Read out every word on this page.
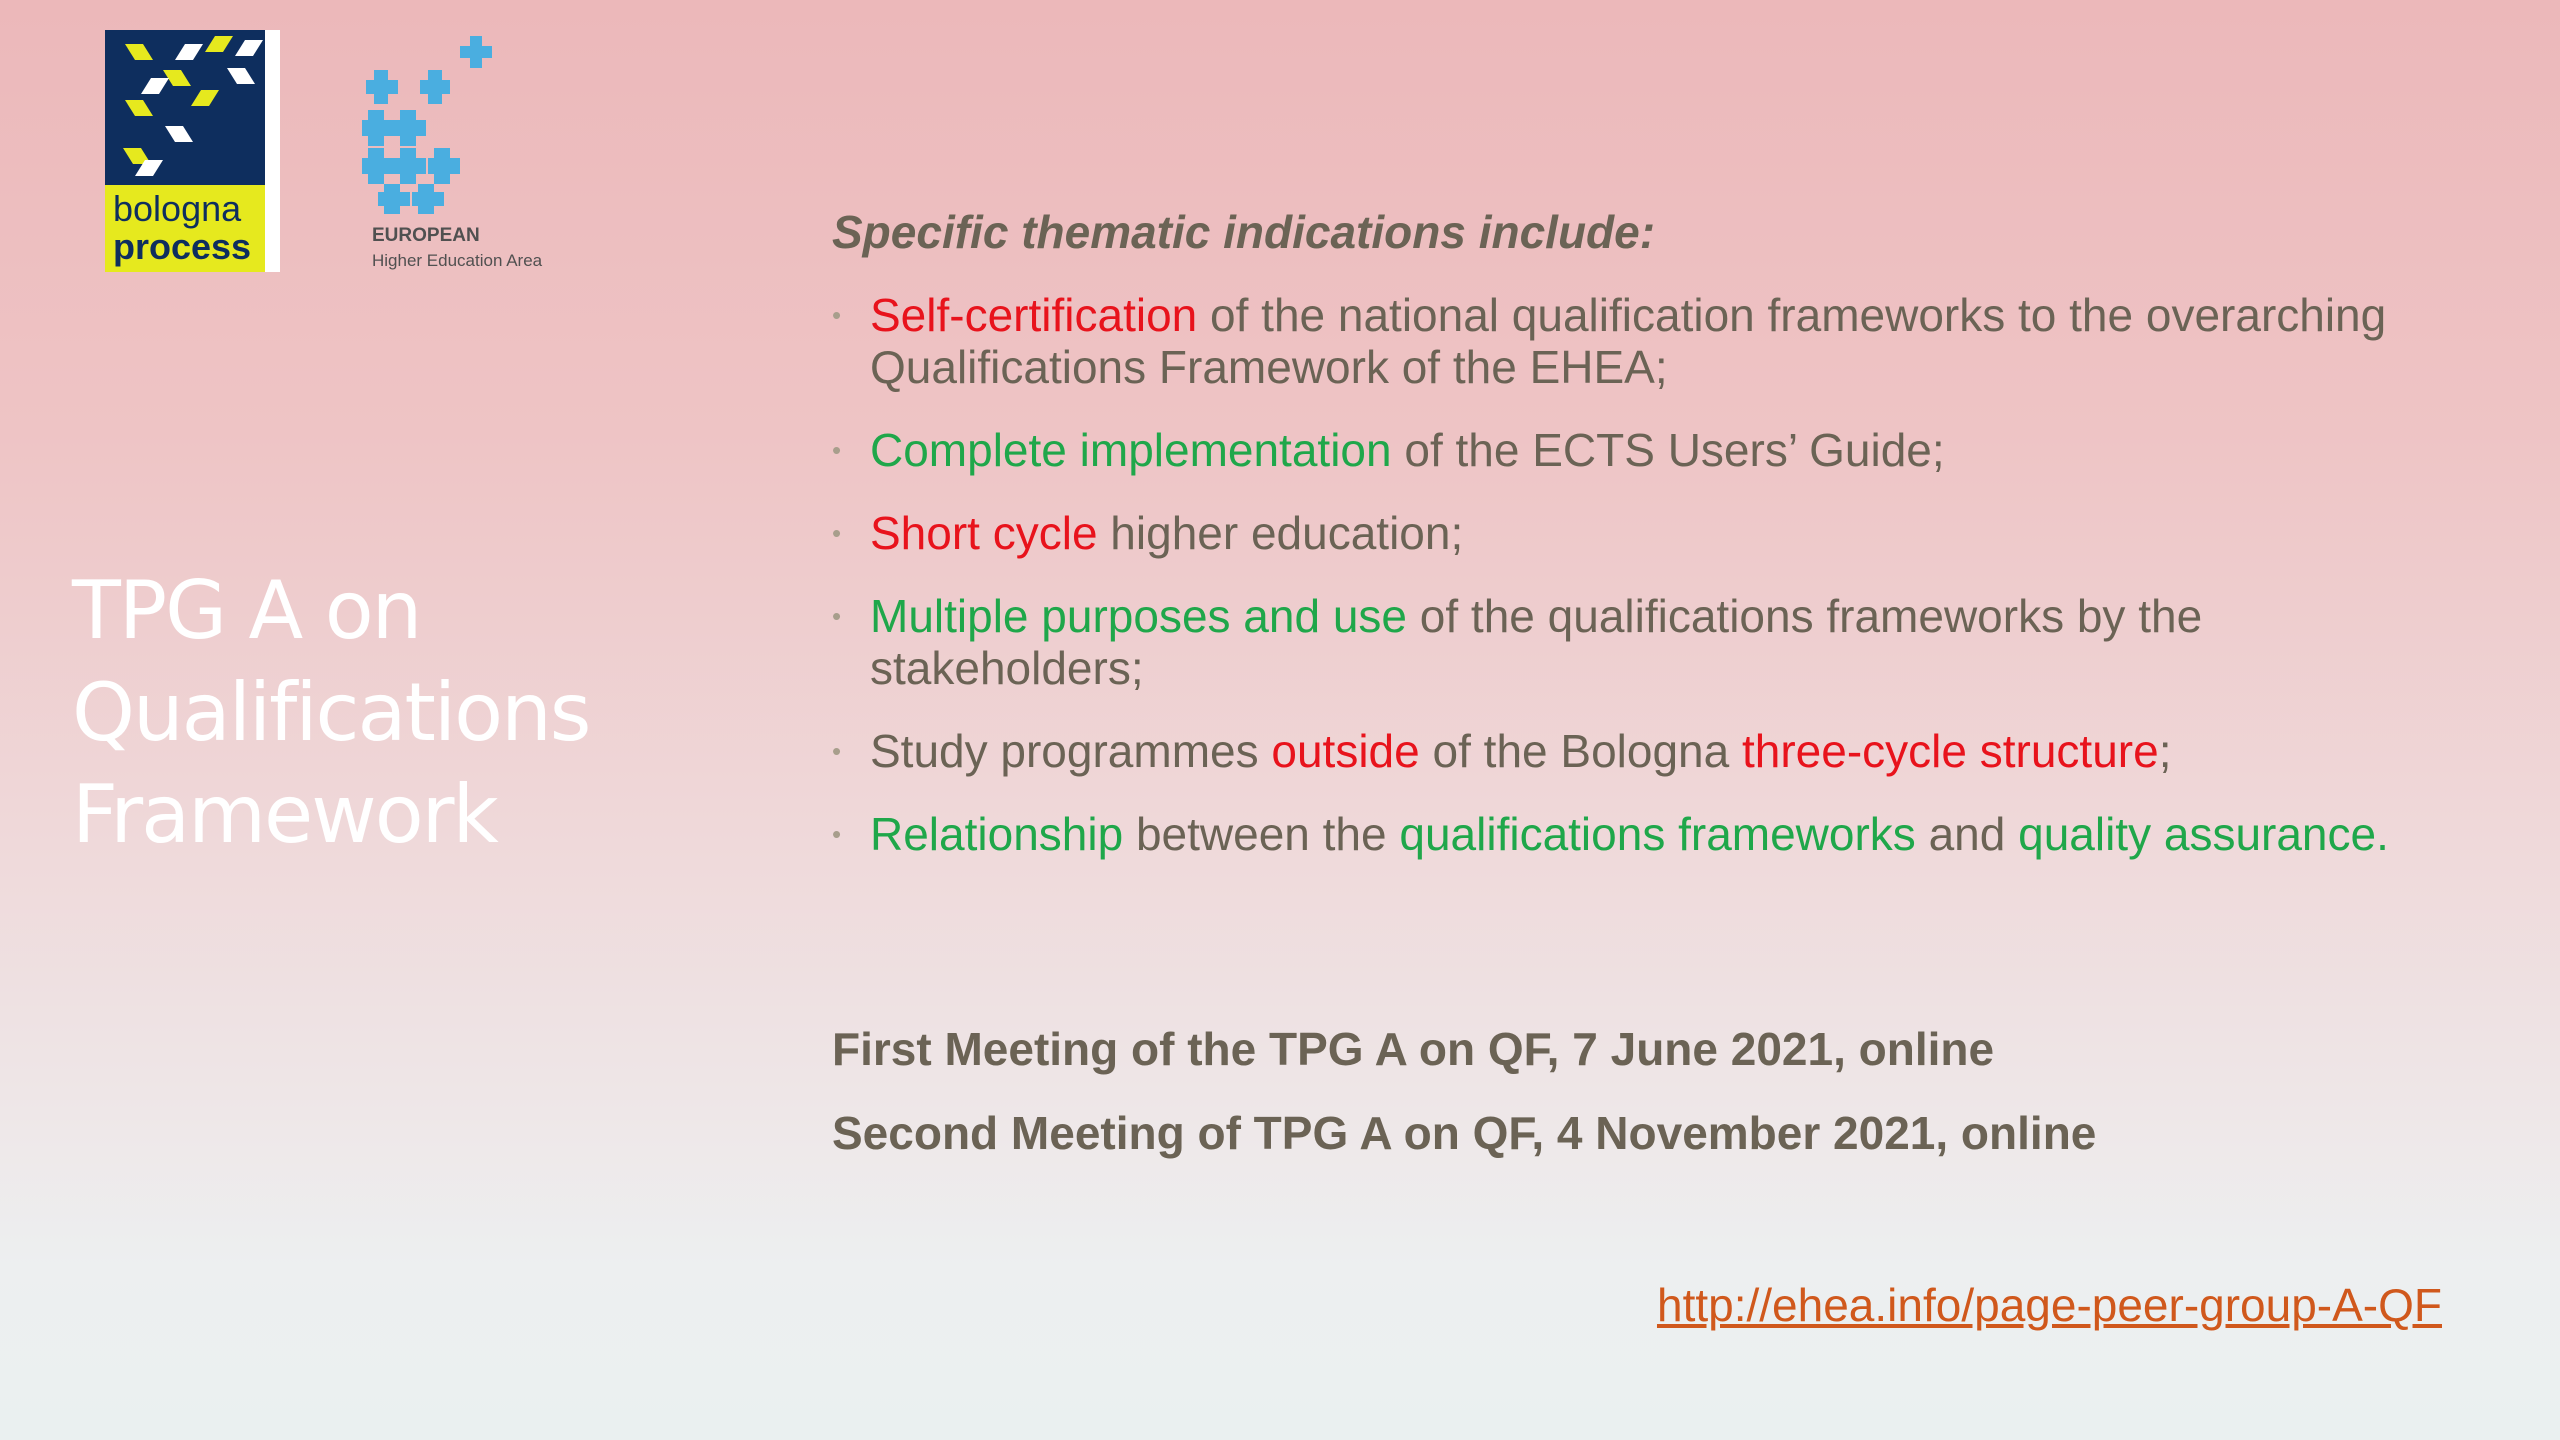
bologna
process	EUROPEAN
Higher Education Area
TPG A on
Qualifications
Framework

Specific thematic indications include:

• Self-certification of the national qualification frameworks to the overarching Qualifications Framework of the EHEA;
• Complete implementation of the ECTS Users’ Guide;
• Short cycle higher education;
• Multiple purposes and use of the qualifications frameworks by the stakeholders;
• Study programmes outside of the Bologna three-cycle structure;
• Relationship between the qualifications frameworks and quality assurance.

First Meeting of the TPG A on QF, 7 June 2021, online

Second Meeting of TPG A on QF, 4 November 2021, online

http://ehea.info/page-peer-group-A-QF
